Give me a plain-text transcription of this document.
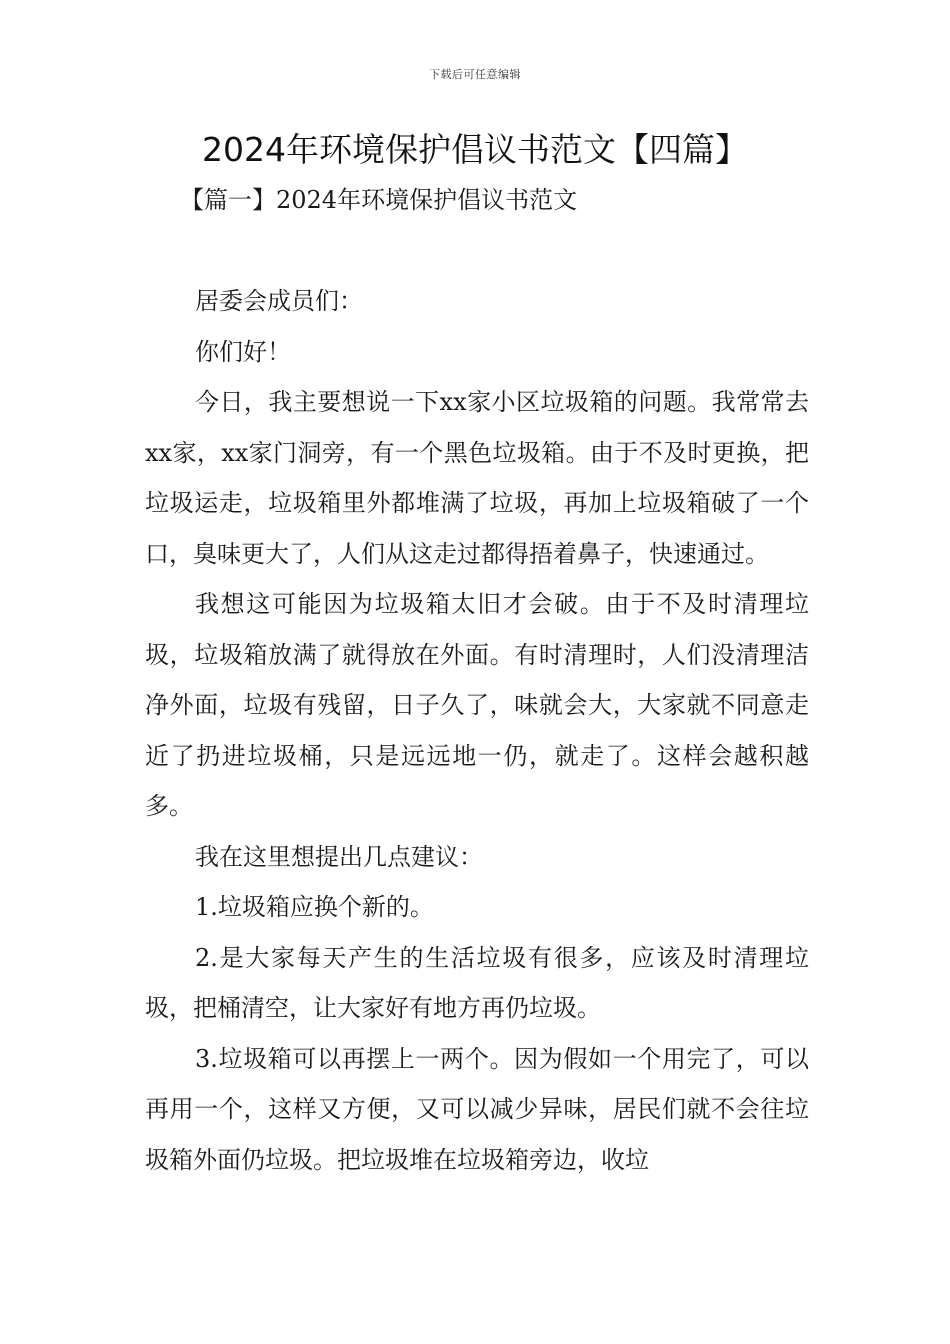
下载后可任意编辑
2024年环境保护倡议书范文【四篇】
【篇一】2024年环境保护倡议书范文

居委会成员们：

你们好！

今日，我主要想说一下xx家小区垃圾箱的问题。我常常去xx家，xx家门洞旁，有一个黑色垃圾箱。由于不及时更换，把垃圾运走，垃圾箱里外都堆满了垃圾，再加上垃圾箱破了一个口，臭味更大了，人们从这走过都得捂着鼻子，快速通过。

我想这可能因为垃圾箱太旧才会破。由于不及时清理垃圾，垃圾箱放满了就得放在外面。有时清理时，人们没清理洁净外面，垃圾有残留，日子久了，味就会大，大家就不同意走近了扔进垃圾桶，只是远远地一仍，就走了。这样会越积越多。

我在这里想提出几点建议：

1.垃圾箱应换个新的。

2.是大家每天产生的生活垃圾有很多，应该及时清理垃圾，把桶清空，让大家好有地方再仍垃圾。

3.垃圾箱可以再摆上一两个。因为假如一个用完了，可以再用一个，这样又方便，又可以减少异味，居民们就不会往垃圾箱外面仍垃圾。把垃圾堆在垃圾箱旁边，收垃
